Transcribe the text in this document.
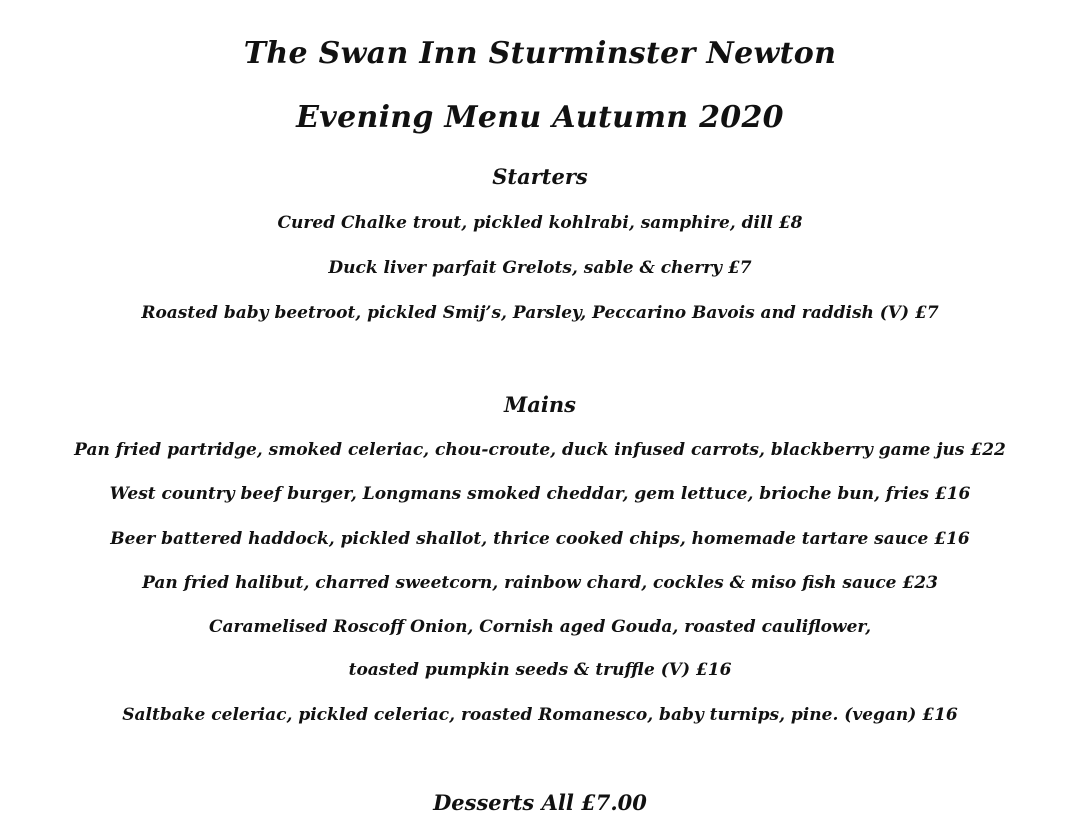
The Swan Inn Sturminster Newton
Evening Menu Autumn 2020
Starters
Cured Chalke trout, pickled kohlrabi, samphire, dill £8
Duck liver parfait Grelots, sable & cherry £7
Roasted baby beetroot, pickled Smij’s, Parsley, Peccarino Bavois and raddish (V) £7
Mains
Pan fried partridge, smoked celeriac, chou-croute, duck infused carrots, blackberry game jus £22
West country beef burger, Longmans smoked cheddar, gem lettuce, brioche bun, fries £16
Beer battered haddock, pickled shallot, thrice cooked chips, homemade tartare sauce £16
Pan fried halibut, charred sweetcorn, rainbow chard, cockles & miso fish sauce £23
Caramelised Roscoff Onion, Cornish aged Gouda, roasted cauliflower,
toasted pumpkin seeds & truffle (V) £16
Saltbake celeriac, pickled celeriac, roasted Romanesco, baby turnips, pine. (vegan) £16
Desserts All £7.00
